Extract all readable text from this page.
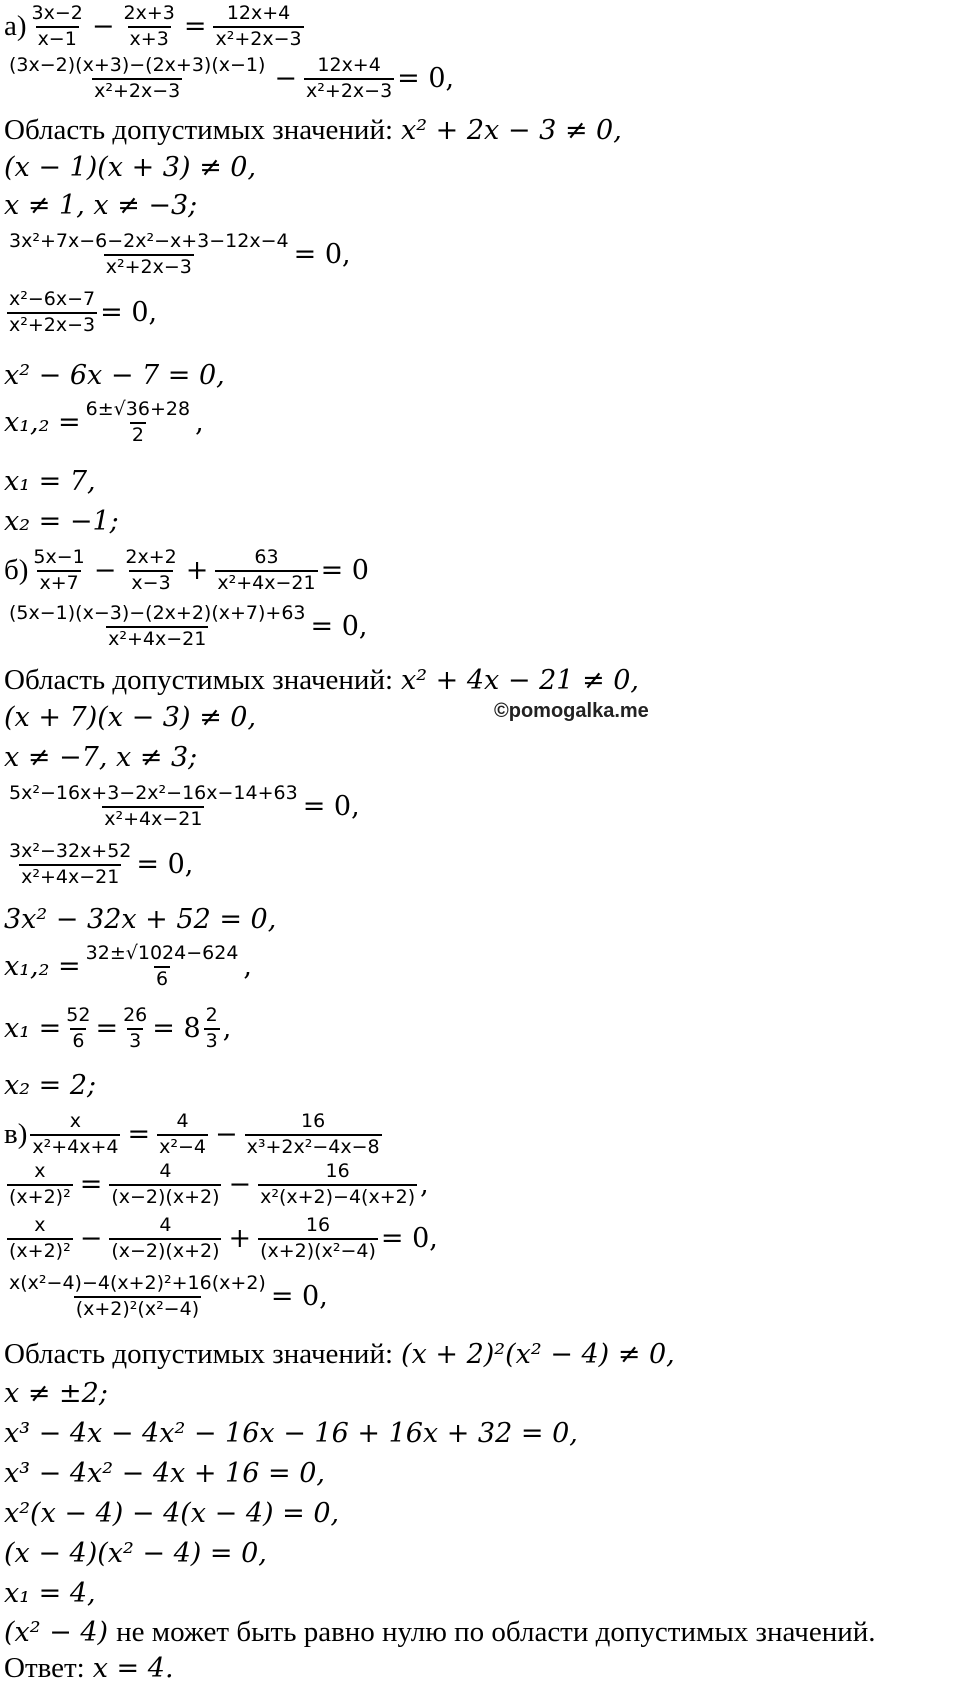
©pomogalka.me
$а) \frac{3x-2}{x-1} - \frac{2x+3}{x+3} = \frac{12x+4}{\text{x²+2x−3}}$
$\frac{(3x-2)(x+3)-(2x+3)(x-1)}{\text{x²+2x−3}} - \frac{12x+4}{\text{x²+2x−3}} = 0$,
Область допустимых значений: x² + 2x − 3 ≠ 0,
(x − 1)(x + 3) ≠ 0,
x ≠ 1, x ≠ −3;
$\frac{\text{3x²+7x−6−2x²−x+3−12x−4}}{\text{x²+2x−3}} = 0$,
$\frac{\text{x²−6x−7}}{\text{x²+2x−3}} = 0$,
x² − 6x − 7 = 0,
$x_1,_2 = \frac{6\pm√36+28}{2}$ ,
x₁ = 7,
x₂ = −1;
$б) \frac{5x-1}{x+7} - \frac{2x+2}{x-3} + \frac{63}{\text{x²+4x−21}} = 0$
$\frac{(5x-1)(x-3)-(2x+2)(x+7)+63}{\text{x²+4x−21}} = 0$,
Область допустимых значений: x² + 4x − 21 ≠ 0,
(x + 7)(x − 3) ≠ 0,
x ≠ −7, x ≠ 3;
$\frac{\text{5x²−16x+3−2x²−16x−14+63}}{\text{x²+4x−21}} = 0$,
$\frac{\text{3x²−32x+52}}{\text{x²+4x−21}} = 0$,
3x² − 32x + 52 = 0,
$x_1,_2 = \frac{32\pm√1024-624}{6}$ ,
$x_1 = \frac{52}{6} = \frac{26}{3} = 8 \frac{2}{3}$ ,
x₂ = 2;
$в) \frac{x}{\text{x²+4x+4}} = \frac{4}{\text{x²−4}} - \frac{16}{\text{x³+2x²−4x−8}}$
$\frac{x}{\text{(x+2)²}} = \frac{4}{(x-2)(x+2)} - \frac{16}{\text{x²(x+2)−4(x+2)}}$ ,
$\frac{x}{\text{(x+2)²}} - \frac{4}{(x-2)(x+2)} + \frac{16}{\text{(x+2)(x²−4)}} = 0$,
$\frac{\text{x(x²−4)−4(x+2)²+16(x+2)}}{\text{(x+2)²(x²−4)}} = 0$,
Область допустимых значений: (x + 2)²(x² − 4) ≠ 0,
x ≠ ±2;
x³ − 4x − 4x² − 16x − 16 + 16x + 32 = 0,
x³ − 4x² − 4x + 16 = 0,
x²(x − 4) − 4(x − 4) = 0,
(x − 4)(x² − 4) = 0,
x₁ = 4,
(x² − 4) не может быть равно нулю по области допустимых значений.
Ответ: x = 4.
